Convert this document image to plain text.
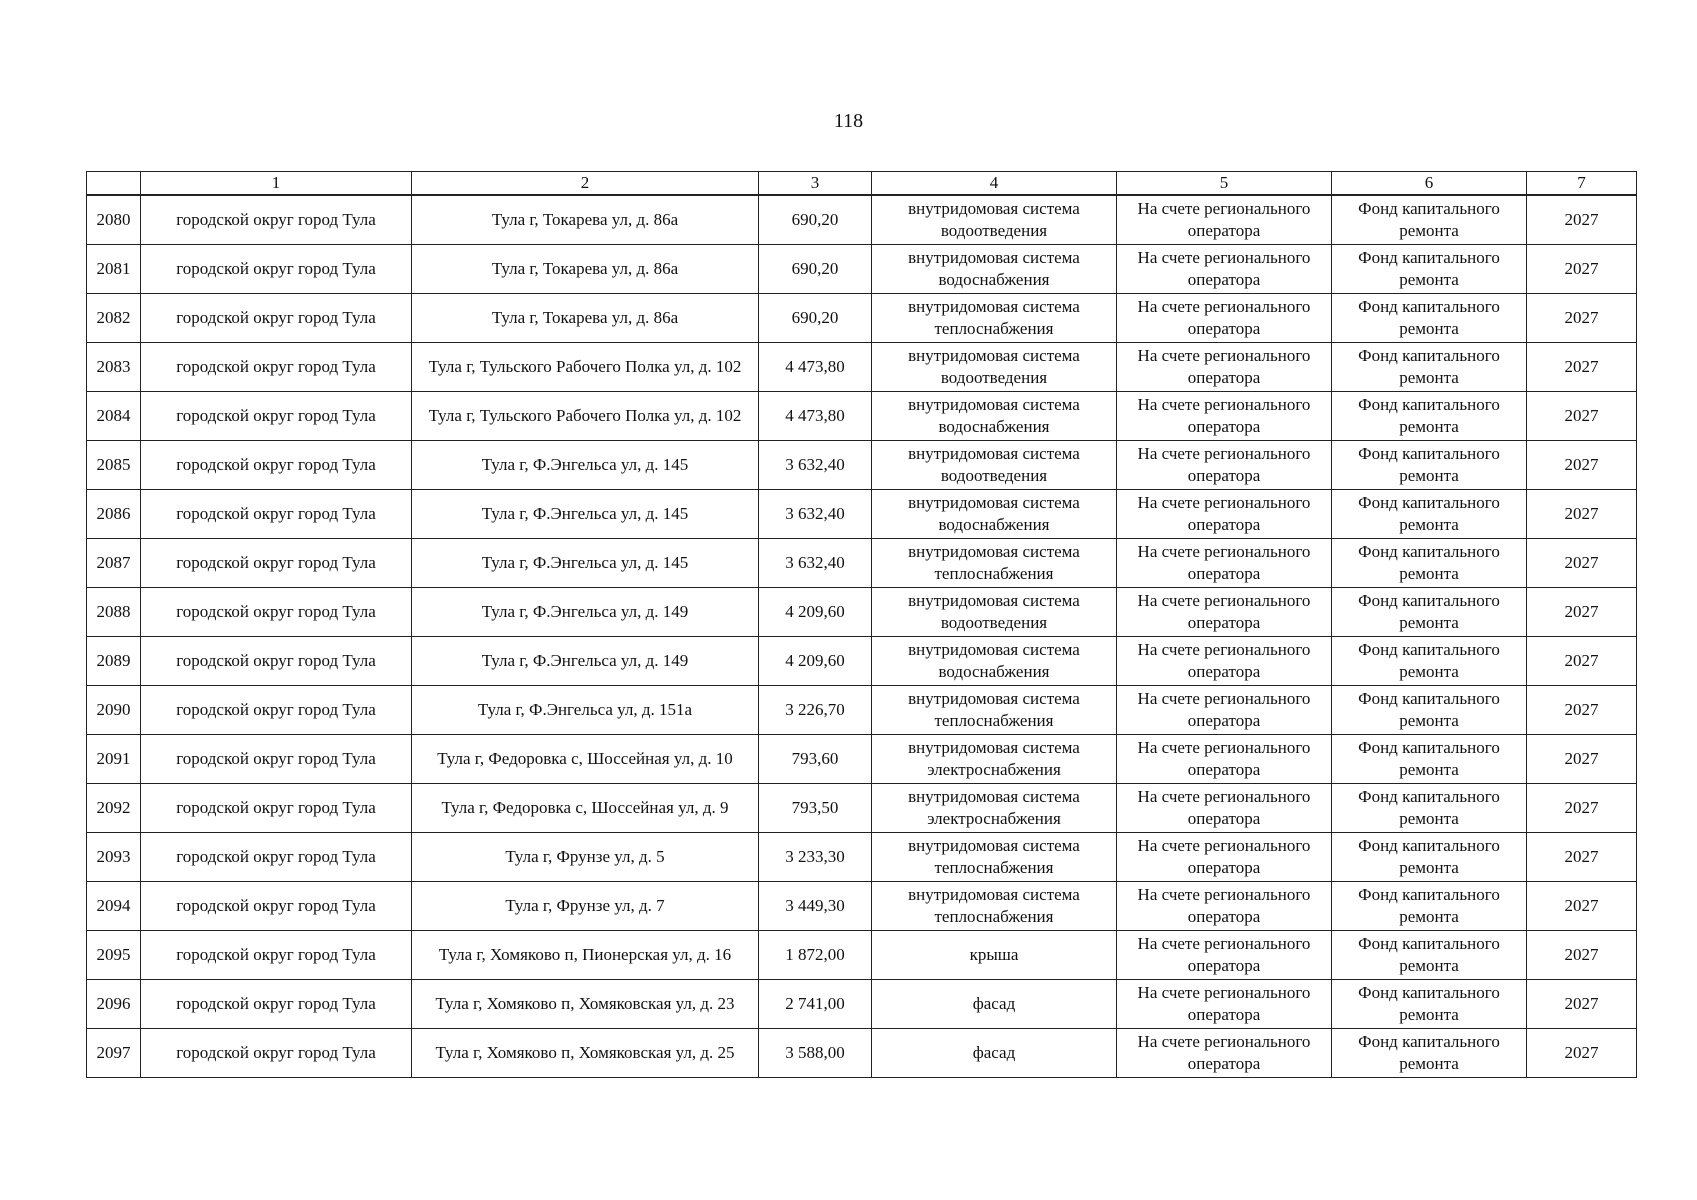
118
	1	2	3	4	5	6	7
2080	городской округ город Тула	Тула г, Токарева ул, д. 86а	690,20	внутридомовая система водоотведения	На счете регионального оператора	Фонд капитального ремонта	2027
2081	городской округ город Тула	Тула г, Токарева ул, д. 86а	690,20	внутридомовая система водоснабжения	На счете регионального оператора	Фонд капитального ремонта	2027
2082	городской округ город Тула	Тула г, Токарева ул, д. 86а	690,20	внутридомовая система теплоснабжения	На счете регионального оператора	Фонд капитального ремонта	2027
2083	городской округ город Тула	Тула г, Тульского Рабочего Полка ул, д. 102	4 473,80	внутридомовая система водоотведения	На счете регионального оператора	Фонд капитального ремонта	2027
2084	городской округ город Тула	Тула г, Тульского Рабочего Полка ул, д. 102	4 473,80	внутридомовая система водоснабжения	На счете регионального оператора	Фонд капитального ремонта	2027
2085	городской округ город Тула	Тула г, Ф.Энгельса ул, д. 145	3 632,40	внутридомовая система водоотведения	На счете регионального оператора	Фонд капитального ремонта	2027
2086	городской округ город Тула	Тула г, Ф.Энгельса ул, д. 145	3 632,40	внутридомовая система водоснабжения	На счете регионального оператора	Фонд капитального ремонта	2027
2087	городской округ город Тула	Тула г, Ф.Энгельса ул, д. 145	3 632,40	внутридомовая система теплоснабжения	На счете регионального оператора	Фонд капитального ремонта	2027
2088	городской округ город Тула	Тула г, Ф.Энгельса ул, д. 149	4 209,60	внутридомовая система водоотведения	На счете регионального оператора	Фонд капитального ремонта	2027
2089	городской округ город Тула	Тула г, Ф.Энгельса ул, д. 149	4 209,60	внутридомовая система водоснабжения	На счете регионального оператора	Фонд капитального ремонта	2027
2090	городской округ город Тула	Тула г, Ф.Энгельса ул, д. 151а	3 226,70	внутридомовая система теплоснабжения	На счете регионального оператора	Фонд капитального ремонта	2027
2091	городской округ город Тула	Тула г, Федоровка с, Шоссейная ул, д. 10	793,60	внутридомовая система электроснабжения	На счете регионального оператора	Фонд капитального ремонта	2027
2092	городской округ город Тула	Тула г, Федоровка с, Шоссейная ул, д. 9	793,50	внутридомовая система электроснабжения	На счете регионального оператора	Фонд капитального ремонта	2027
2093	городской округ город Тула	Тула г, Фрунзе ул, д. 5	3 233,30	внутридомовая система теплоснабжения	На счете регионального оператора	Фонд капитального ремонта	2027
2094	городской округ город Тула	Тула г, Фрунзе ул, д. 7	3 449,30	внутридомовая система теплоснабжения	На счете регионального оператора	Фонд капитального ремонта	2027
2095	городской округ город Тула	Тула г, Хомяково п, Пионерская ул, д. 16	1 872,00	крыша	На счете регионального оператора	Фонд капитального ремонта	2027
2096	городской округ город Тула	Тула г, Хомяково п, Хомяковская ул, д. 23	2 741,00	фасад	На счете регионального оператора	Фонд капитального ремонта	2027
2097	городской округ город Тула	Тула г, Хомяково п, Хомяковская ул, д. 25	3 588,00	фасад	На счете регионального оператора	Фонд капитального ремонта	2027
